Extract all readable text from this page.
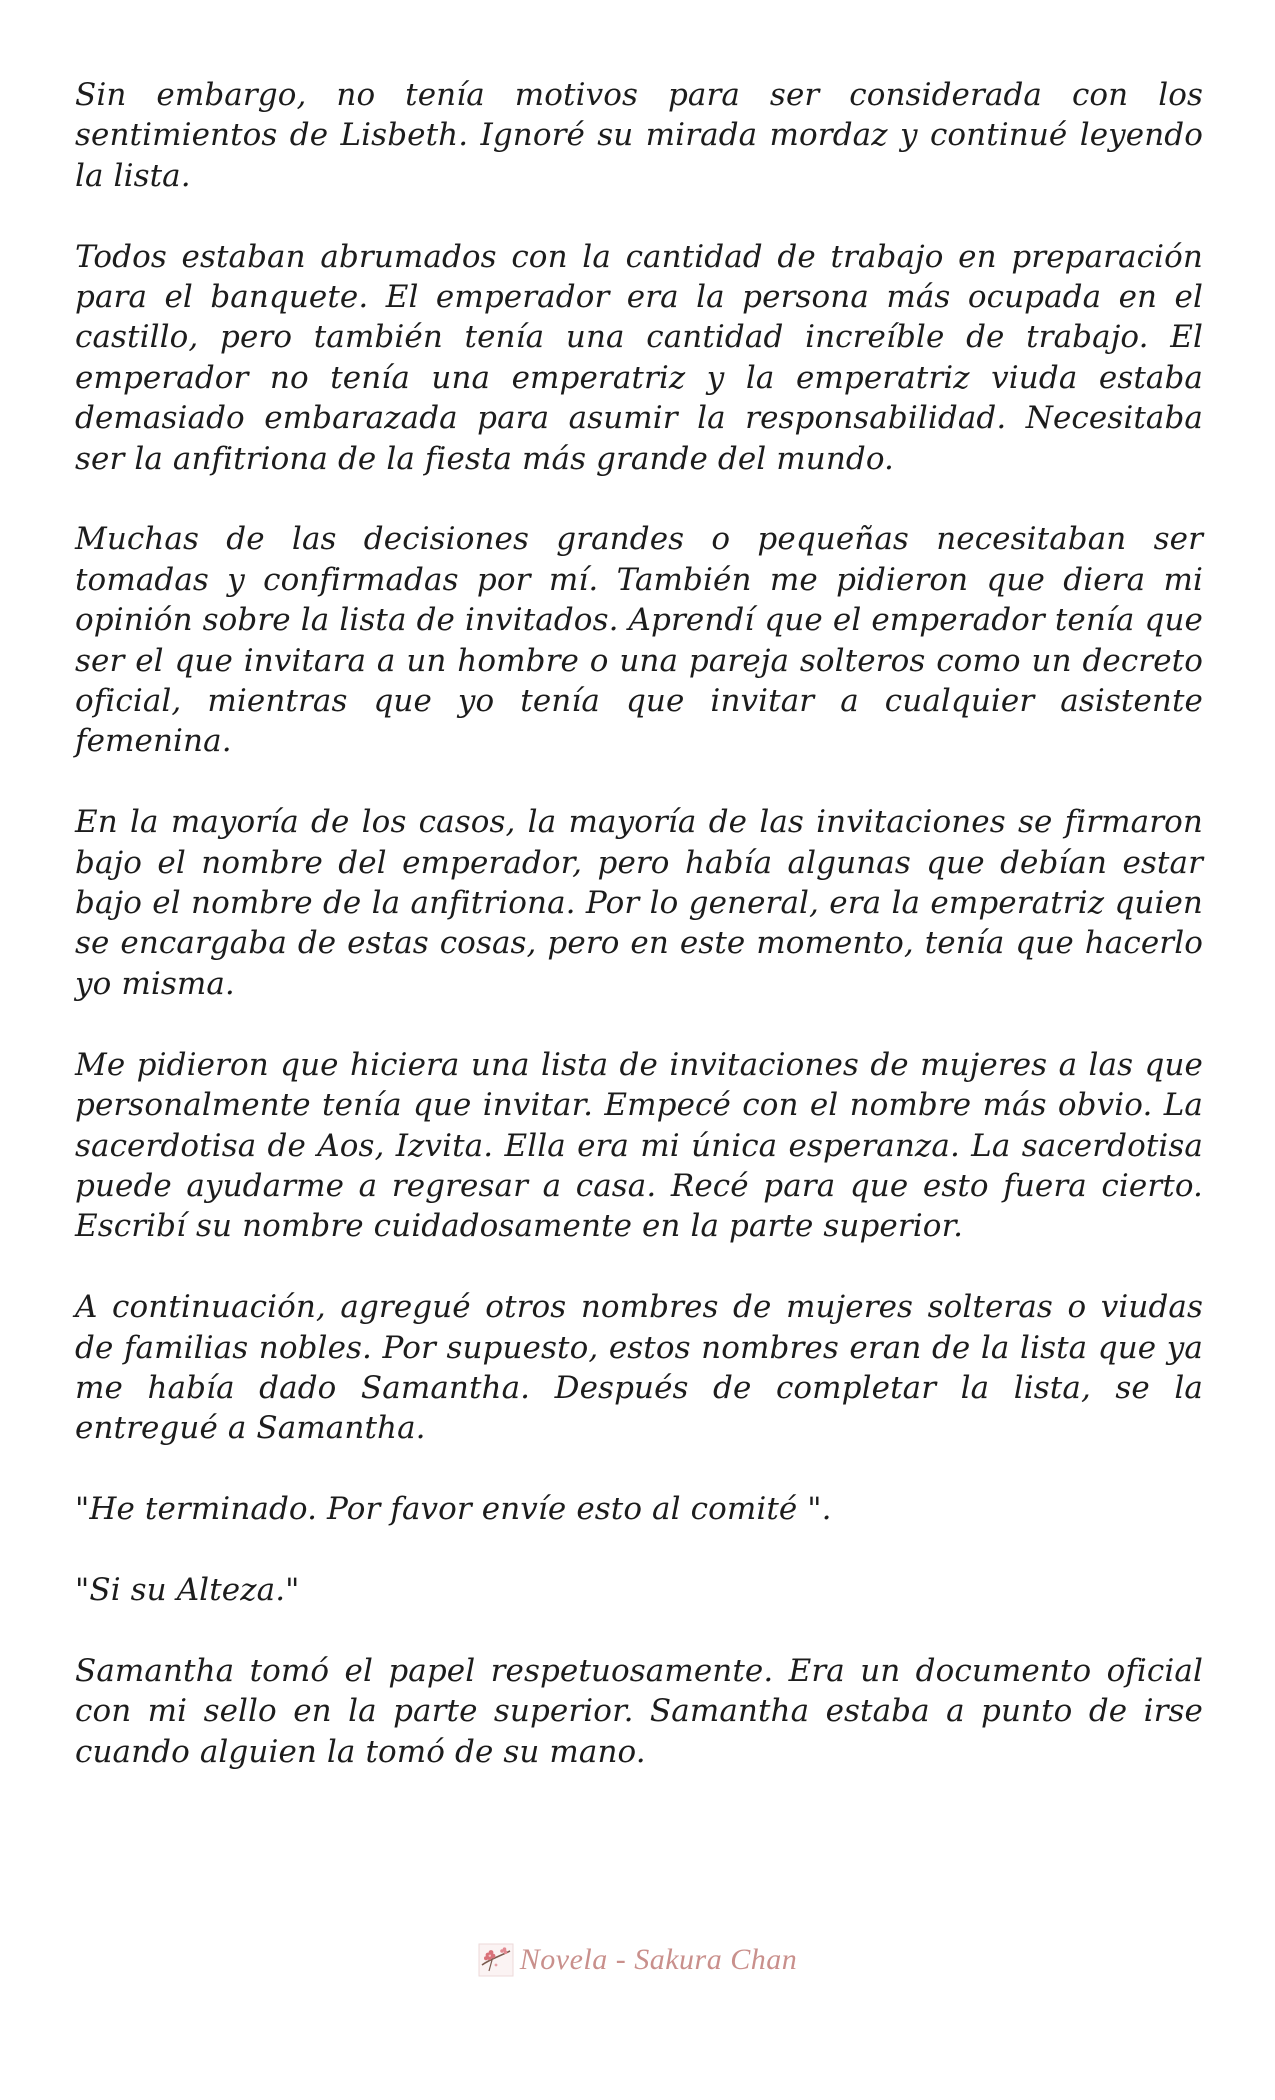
Sin embargo, no tenía motivos para ser considerada con los sentimientos de Lisbeth. Ignoré su mirada mordaz y continué leyendo la lista.

Todos estaban abrumados con la cantidad de trabajo en preparación para el banquete. El emperador era la persona más ocupada en el castillo, pero también tenía una cantidad increíble de trabajo. El emperador no tenía una emperatriz y la emperatriz viuda estaba demasiado embarazada para asumir la responsabilidad. Necesitaba ser la anfitriona de la fiesta más grande del mundo.

Muchas de las decisiones grandes o pequeñas necesitaban ser tomadas y confirmadas por mí. También me pidieron que diera mi opinión sobre la lista de invitados. Aprendí que el emperador tenía que ser el que invitara a un hombre o una pareja solteros como un decreto oficial, mientras que yo tenía que invitar a cualquier asistente femenina.

En la mayoría de los casos, la mayoría de las invitaciones se firmaron bajo el nombre del emperador, pero había algunas que debían estar bajo el nombre de la anfitriona. Por lo general, era la emperatriz quien se encargaba de estas cosas, pero en este momento, tenía que hacerlo yo misma.

Me pidieron que hiciera una lista de invitaciones de mujeres a las que personalmente tenía que invitar. Empecé con el nombre más obvio. La sacerdotisa de Aos, Izvita. Ella era mi única esperanza. La sacerdotisa puede ayudarme a regresar a casa. Recé para que esto fuera cierto. Escribí su nombre cuidadosamente en la parte superior.

A continuación, agregué otros nombres de mujeres solteras o viudas de familias nobles. Por supuesto, estos nombres eran de la lista que ya me había dado Samantha. Después de completar la lista, se la entregué a Samantha.

"He terminado. Por favor envíe esto al comité ".

"Si su Alteza."

Samantha tomó el papel respetuosamente. Era un documento oficial con mi sello en la parte superior. Samantha estaba a punto de irse cuando alguien la tomó de su mano.

Novela - Sakura Chan
